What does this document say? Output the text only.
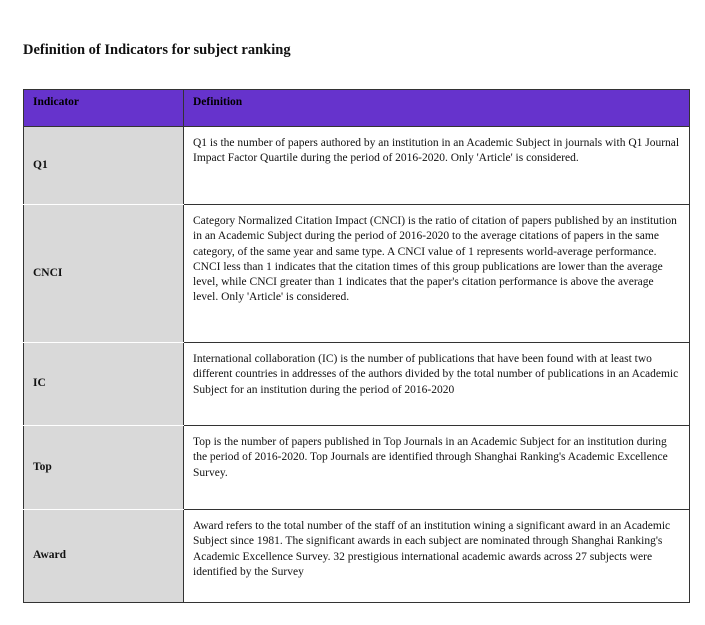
Definition of Indicators for subject ranking
Indicator	Definition
Q1	Q1 is the number of papers authored by an institution in an Academic Subject in journals with Q1 Journal Impact Factor Quartile during the period of 2016-2020. Only 'Article' is considered.
CNCI	Category Normalized Citation Impact (CNCI) is the ratio of citation of papers published by an institution in an Academic Subject during the period of 2016-2020 to the average citations of papers in the same category, of the same year and same type. A CNCI value of 1 represents world-average performance. CNCI less than 1 indicates that the citation times of this group publications are lower than the average level, while CNCI greater than 1 indicates that the paper's citation performance is above the average level. Only 'Article' is considered.
IC	International collaboration (IC) is the number of publications that have been found with at least two different countries in addresses of the authors divided by the total number of publications in an Academic Subject for an institution during the period of 2016-2020
Top	Top is the number of papers published in Top Journals in an Academic Subject for an institution during the period of 2016-2020. Top Journals are identified through Shanghai Ranking's Academic Excellence Survey.
Award	Award refers to the total number of the staff of an institution wining a significant award in an Academic Subject since 1981. The significant awards in each subject are nominated through Shanghai Ranking's Academic Excellence Survey. 32 prestigious international academic awards across 27 subjects were identified by the Survey
